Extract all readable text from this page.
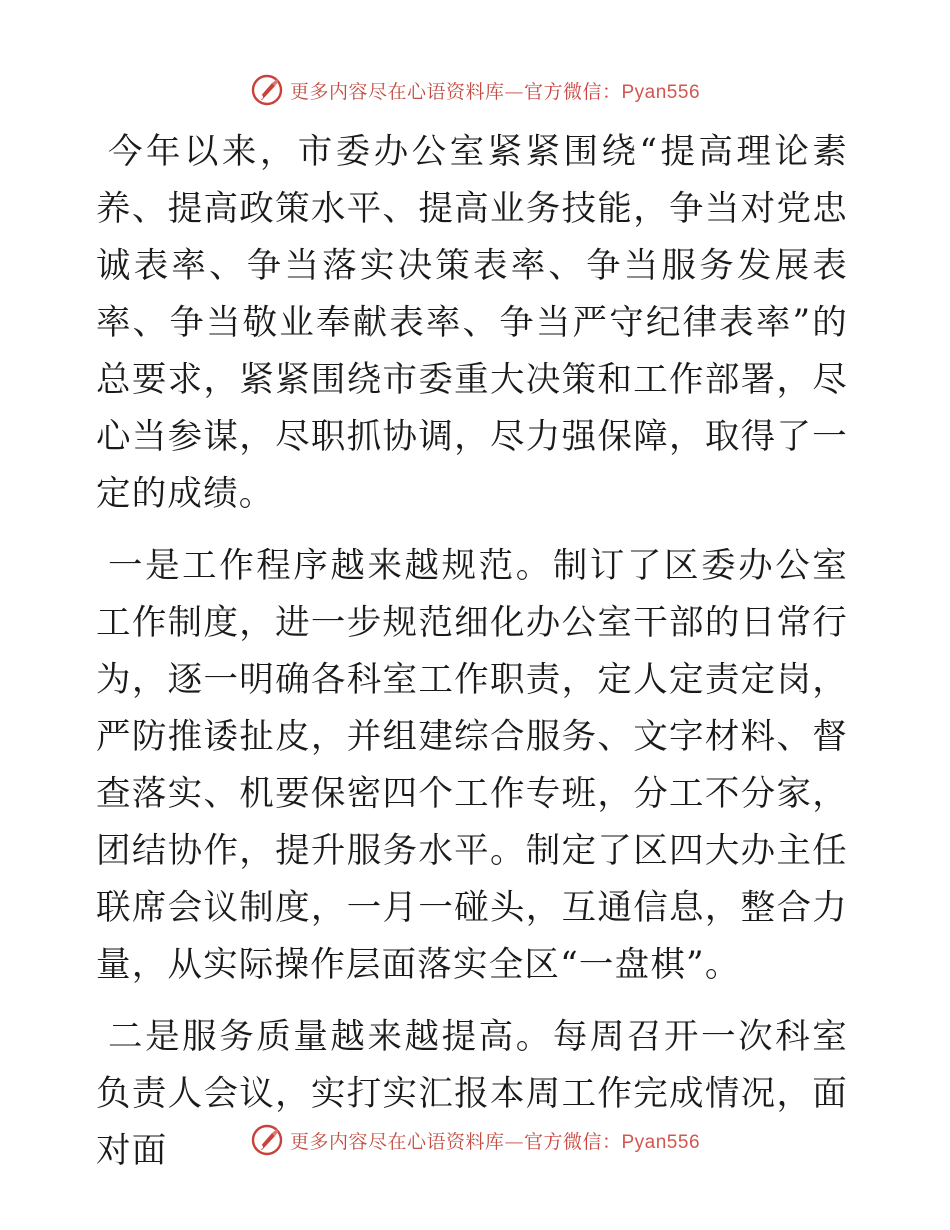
更多内容尽在心语资料库—官方微信：Pyan556

今年以来，市委办公室紧紧围绕“提高理论素养、提高政策水平、提高业务技能，争当对党忠诚表率、争当落实决策表率、争当服务发展表率、争当敬业奉献表率、争当严守纪律表率”的总要求，紧紧围绕市委重大决策和工作部署，尽心当参谋，尽职抓协调，尽力强保障，取得了一定的成绩。

一是工作程序越来越规范。制订了区委办公室工作制度，进一步规范细化办公室干部的日常行为，逐一明确各科室工作职责，定人定责定岗，严防推诿扯皮，并组建综合服务、文字材料、督查落实、机要保密四个工作专班，分工不分家，团结协作，提升服务水平。制定了区四大办主任联席会议制度，一月一碰头，互通信息，整合力量，从实际操作层面落实全区“一盘棋”。

二是服务质量越来越提高。每周召开一次科室负责人会议，实打实汇报本周工作完成情况，面对面	更多内容尽在心语资料库—官方微信：Pyan556
